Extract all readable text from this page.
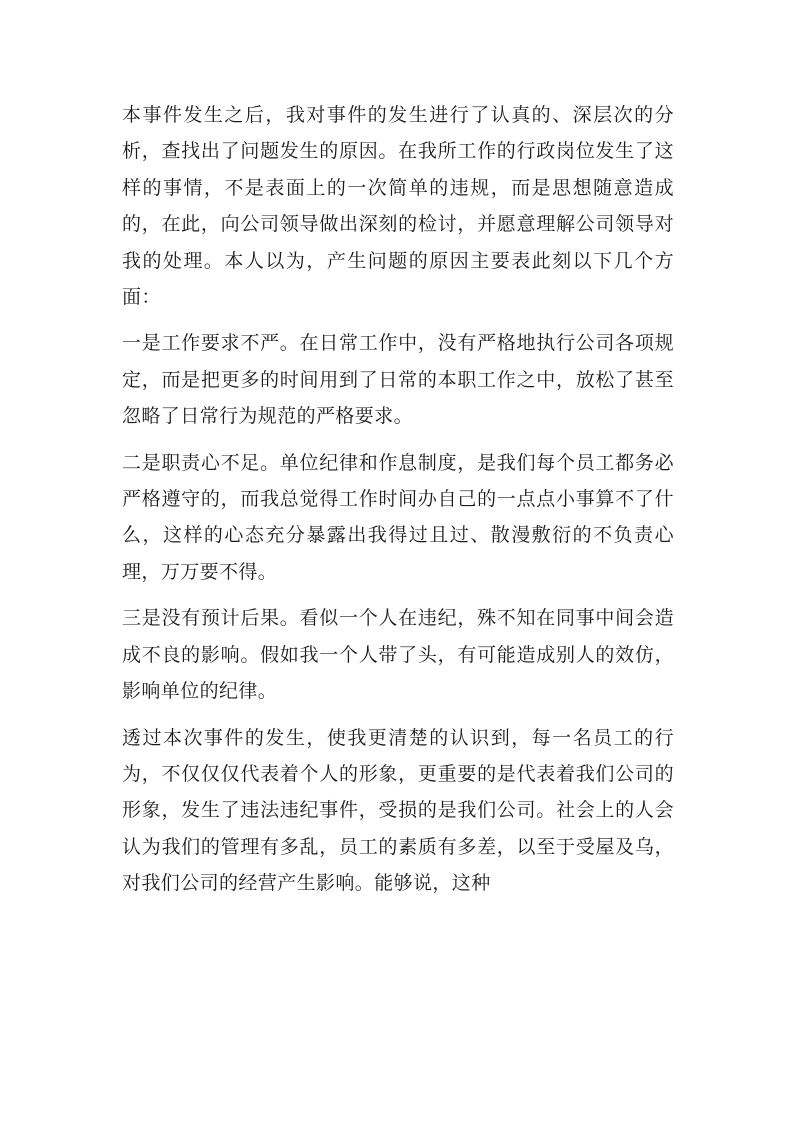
本事件发生之后，我对事件的发生进行了认真的、深层次的分析，查找出了问题发生的原因。在我所工作的行政岗位发生了这样的事情，不是表面上的一次简单的违规，而是思想随意造成的，在此，向公司领导做出深刻的检讨，并愿意理解公司领导对我的处理。本人以为，产生问题的原因主要表此刻以下几个方面：

一是工作要求不严。在日常工作中，没有严格地执行公司各项规定，而是把更多的时间用到了日常的本职工作之中，放松了甚至忽略了日常行为规范的严格要求。

二是职责心不足。单位纪律和作息制度，是我们每个员工都务必严格遵守的，而我总觉得工作时间办自己的一点点小事算不了什么，这样的心态充分暴露出我得过且过、散漫敷衍的不负责心理，万万要不得。

三是没有预计后果。看似一个人在违纪，殊不知在同事中间会造成不良的影响。假如我一个人带了头，有可能造成别人的效仿，影响单位的纪律。

透过本次事件的发生，使我更清楚的认识到，每一名员工的行为，不仅仅仅代表着个人的形象，更重要的是代表着我们公司的形象，发生了违法违纪事件，受损的是我们公司。社会上的人会认为我们的管理有多乱，员工的素质有多差，以至于受屋及乌，对我们公司的经营产生影响。能够说，这种
